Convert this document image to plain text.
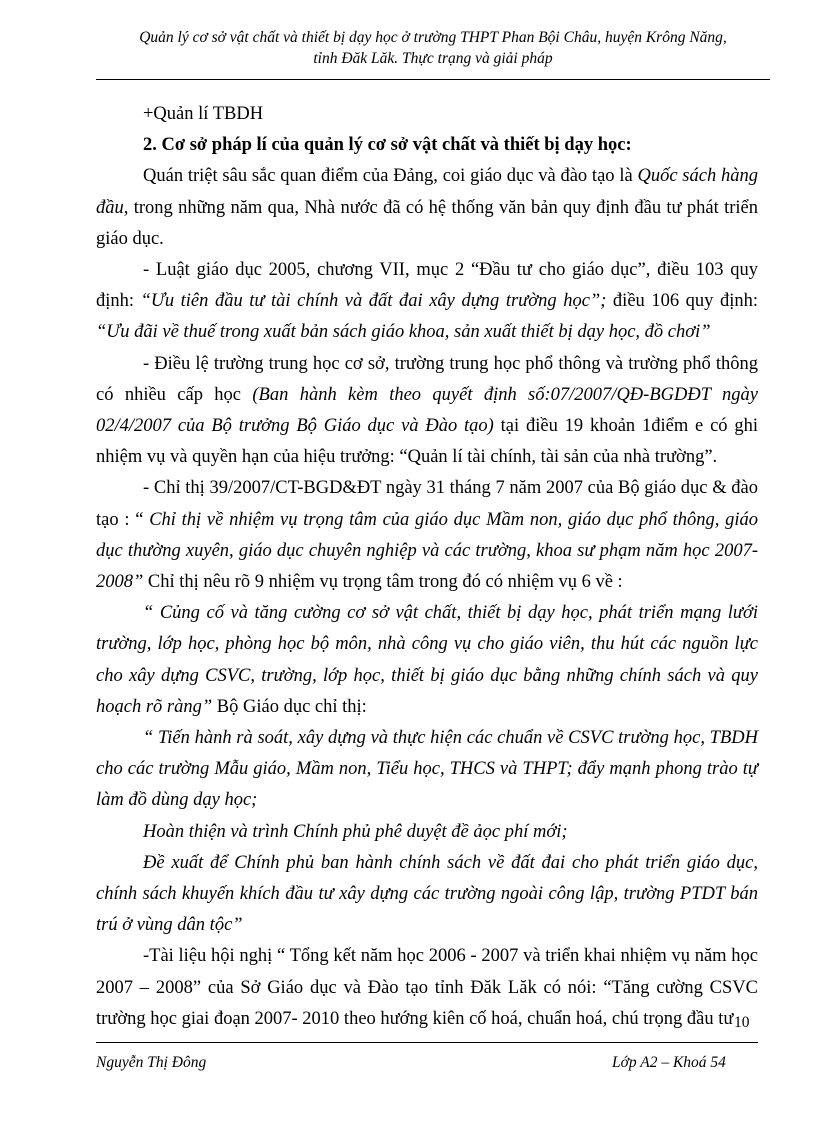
Quản lý cơ sở vật chất và thiết bị dạy học ở trường THPT Phan Bội Châu, huyện Krông Năng,
tỉnh Đăk Lăk. Thực trạng và giải pháp

+Quản lí TBDH

2. Cơ sở pháp lí của quản lý cơ sở vật chất và thiết bị dạy học:

Quán triệt sâu sắc quan điểm của Đảng, coi giáo dục và đào tạo là Quốc sách hàng đầu, trong những năm qua, Nhà nước đã có hệ thống văn bản quy định đầu tư phát triển giáo dục.

- Luật giáo dục 2005, chương VII, mục 2 “Đầu tư cho giáo dục”, điều 103 quy định: “Ưu tiên đầu tư tài chính và đất đai xây dựng trường học”; điều 106 quy định: “Ưu đãi về thuế trong xuất bản sách giáo khoa, sản xuất thiết bị dạy học, đồ chơi”

- Điều lệ trường trung học cơ sở, trường trung học phổ thông và trường phổ thông có nhiều cấp học (Ban hành kèm theo quyết định số:07/2007/QĐ-BGDĐT ngày 02/4/2007 của Bộ trưởng Bộ Giáo dục và Đào tạo) tại điều 19 khoản 1điểm e có ghi nhiệm vụ và quyền hạn của hiệu trưởng: “Quản lí tài chính, tài sản của nhà trường”.

- Chỉ thị 39/2007/CT-BGD&ĐT ngày 31 tháng 7 năm 2007 của Bộ giáo dục & đào tạo : “ Chỉ thị về nhiệm vụ trọng tâm của giáo dục Mầm non, giáo dục phổ thông, giáo dục thường xuyên, giáo dục chuyên nghiệp và các trường, khoa sư phạm năm học 2007-2008” Chỉ thị nêu rõ 9 nhiệm vụ trọng tâm trong đó có nhiệm vụ 6 về :

“ Củng cố và tăng cường cơ sở vật chất, thiết bị dạy học, phát triển mạng lưới trường, lớp học, phòng học bộ môn, nhà công vụ cho giáo viên, thu hút các nguồn lực cho xây dựng CSVC, trường, lớp học, thiết bị giáo dục bằng những chính sách và quy hoạch rõ ràng” Bộ Giáo dục chỉ thị:

“ Tiến hành rà soát, xây dựng và thực hiện các chuẩn về CSVC trường học, TBDH cho các trường Mẫu giáo, Mầm non, Tiểu học, THCS và THPT; đẩy mạnh phong trào tự làm đồ dùng dạy học;

Hoàn thiện và trình Chính phủ phê duyệt đề ảọc phí mới;

Đề xuất để Chính phủ ban hành chính sách về đất đai cho phát triển giáo dục, chính sách khuyến khích đầu tư xây dựng các trường ngoài công lập, trường PTDT bán trú ở vùng dân tộc”

-Tài liệu hội nghị “ Tổng kết năm học 2006 - 2007 và triển khai nhiệm vụ năm học 2007 – 2008” của Sở Giáo dục và Đào tạo tỉnh Đăk Lăk có nói: “Tăng cường CSVC trường học giai đoạn 2007- 2010 theo hướng kiên cố hoá, chuẩn hoá, chú trọng đầu tư 10
Nguyễn Thị Đông	Lớp A2 – Khoá 54
